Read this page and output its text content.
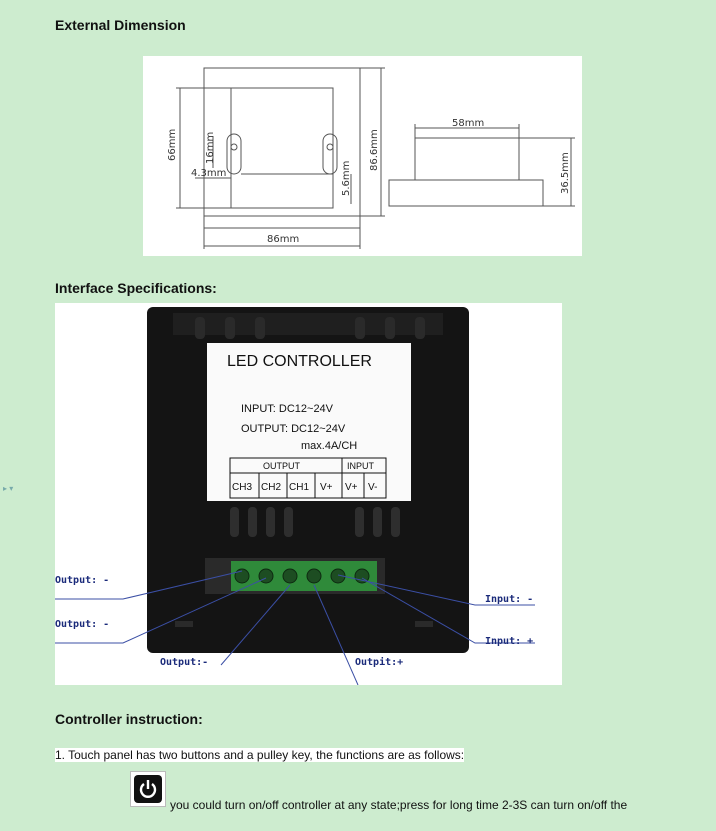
External Dimension
66mm	16mm
4.3mm	5.6mm
86.6mm
86mm
58mm
36.5mm
Interface Specifications:
▸ ▾
LED CONTROLLER
INPUT: DC12~24V
OUTPUT: DC12~24V
max.4A/CH
OUTPUT	INPUT
CH3 CH2 CH1 V+ V+ V-
Output: -
Output: -
Output:-	Outpit:+
Input: -
Input: +
Controller instruction:
1. Touch panel has two buttons and a pulley key, the functions are as follows:
you could turn on/off controller at any state;press for long time 2-3S can turn on/off the
